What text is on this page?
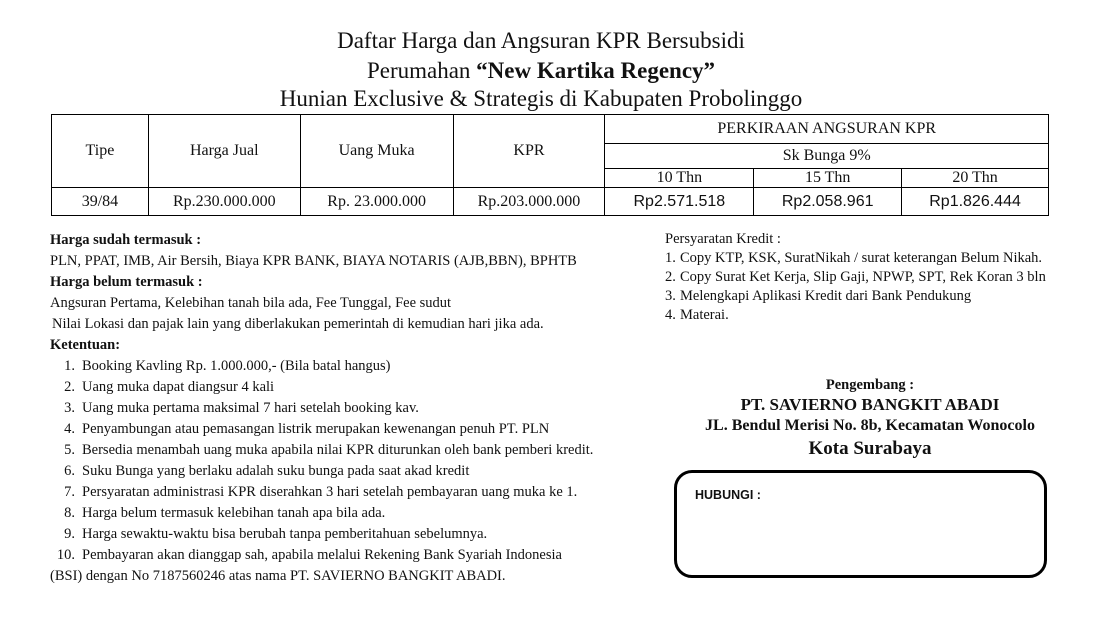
Daftar Harga dan Angsuran KPR Bersubsidi
Perumahan “New Kartika Regency”
Hunian Exclusive & Strategis di Kabupaten Probolinggo
Tipe	Harga Jual	Uang Muka	KPR	PERKIRAAN ANGSURAN KPR		
				Sk Bunga 9%		
				10 Thn	15 Thn	20 Thn
39/84	Rp.230.000.000	Rp. 23.000.000	Rp.203.000.000	Rp2.571.518	Rp2.058.961	Rp1.826.444

Harga sudah termasuk :

PLN, PPAT, IMB, Air Bersih, Biaya KPR BANK, BIAYA NOTARIS (AJB,BBN), BPHTB

Harga belum termasuk :

Angsuran Pertama, Kelebihan tanah bila ada, Fee Tunggal, Fee sudut

Nilai Lokasi dan pajak lain yang diberlakukan pemerintah di kemudian hari jika ada.

Ketentuan:

1. Booking Kavling Rp. 1.000.000,- (Bila batal hangus)
2. Uang muka dapat diangsur 4 kali
3. Uang muka pertama maksimal 7 hari setelah booking kav.
4. Penyambungan atau pemasangan listrik merupakan kewenangan penuh PT. PLN
5. Bersedia menambah uang muka apabila nilai KPR diturunkan oleh bank pemberi kredit.
6. Suku Bunga yang berlaku adalah suku bunga pada saat akad kredit
7. Persyaratan administrasi KPR diserahkan 3 hari setelah pembayaran uang muka ke 1.
8. Harga belum termasuk kelebihan tanah apa bila ada.
9. Harga sewaktu-waktu bisa berubah tanpa pemberitahuan sebelumnya.
10. Pembayaran akan dianggap sah, apabila melalui Rekening Bank Syariah Indonesia

(BSI) dengan No 7187560246 atas nama PT. SAVIERNO BANGKIT ABADI.

Persyaratan Kredit :

1. Copy KTP, KSK, SuratNikah / surat keterangan Belum Nikah.
2. Copy Surat Ket Kerja, Slip Gaji, NPWP, SPT, Rek Koran 3 bln
3. Melengkapi Aplikasi Kredit dari Bank Pendukung
4. Materai.
Pengembang :
PT. SAVIERNO BANGKIT ABADI
JL. Bendul Merisi No. 8b, Kecamatan Wonocolo
Kota Surabaya
HUBUNGI :
